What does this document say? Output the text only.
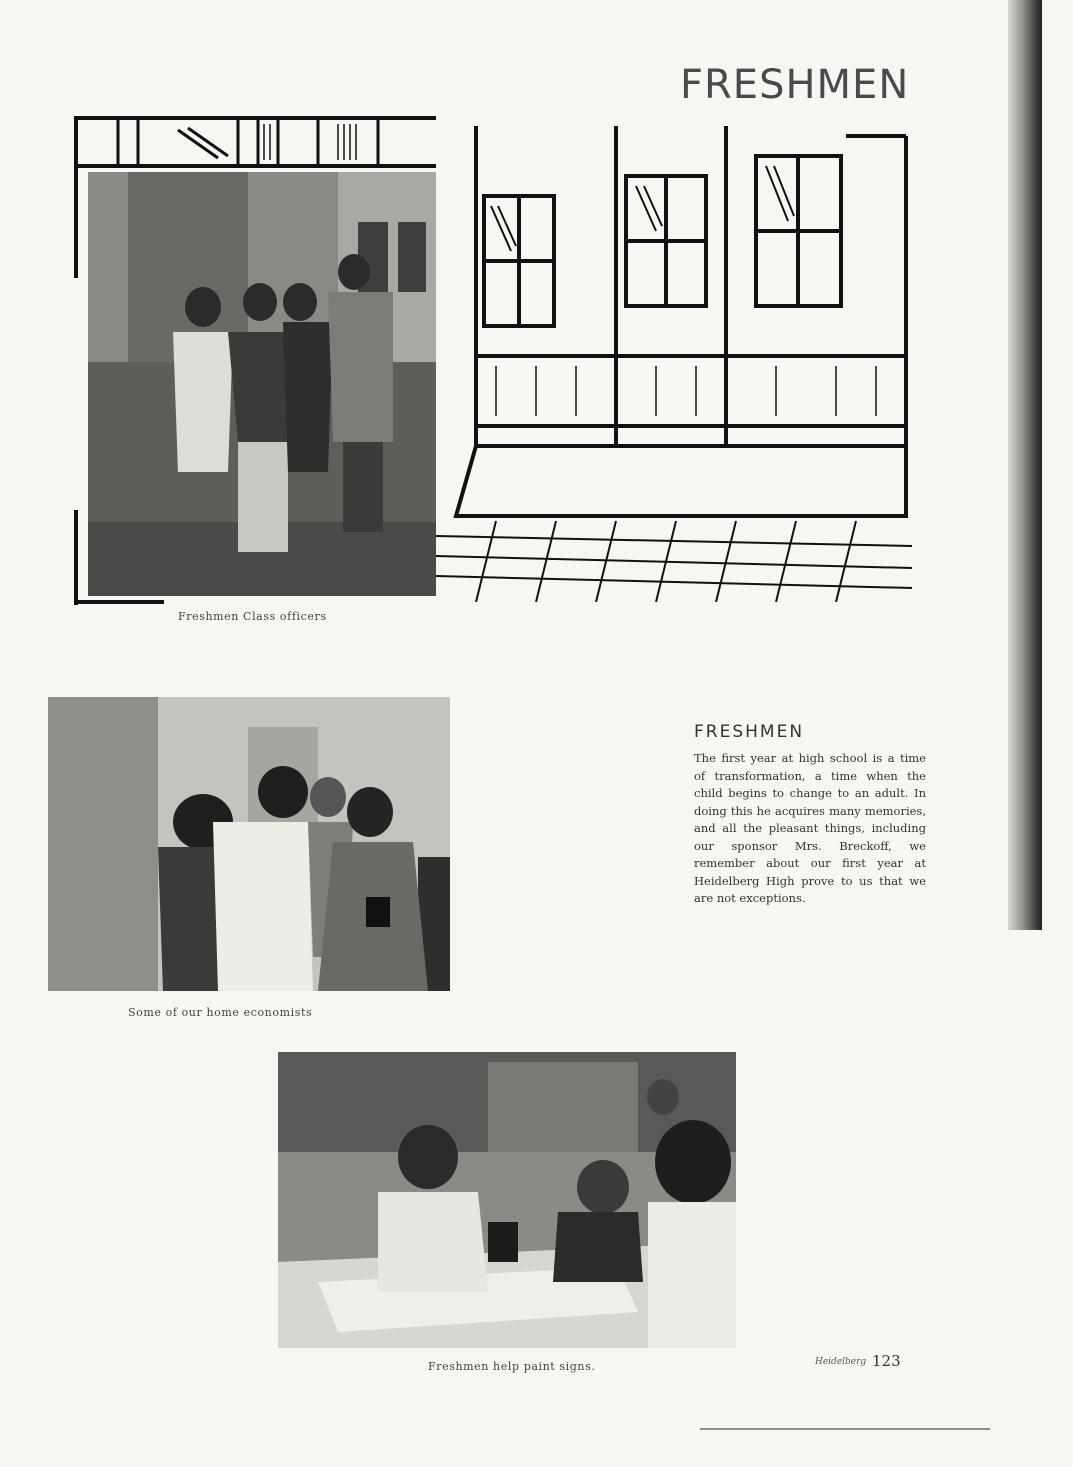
FRESHMEN
Freshmen Class officers
Some of our home economists
FRESHMEN
The first year at high school is a time of transformation, a time when the child begins to change to an adult. In doing this he acquires many memories, and all the pleasant things, including our sponsor Mrs. Breckoff, we remember about our first year at Heidelberg High prove to us that we are not exceptions.
Freshmen help paint signs.	Heidelberg 123
